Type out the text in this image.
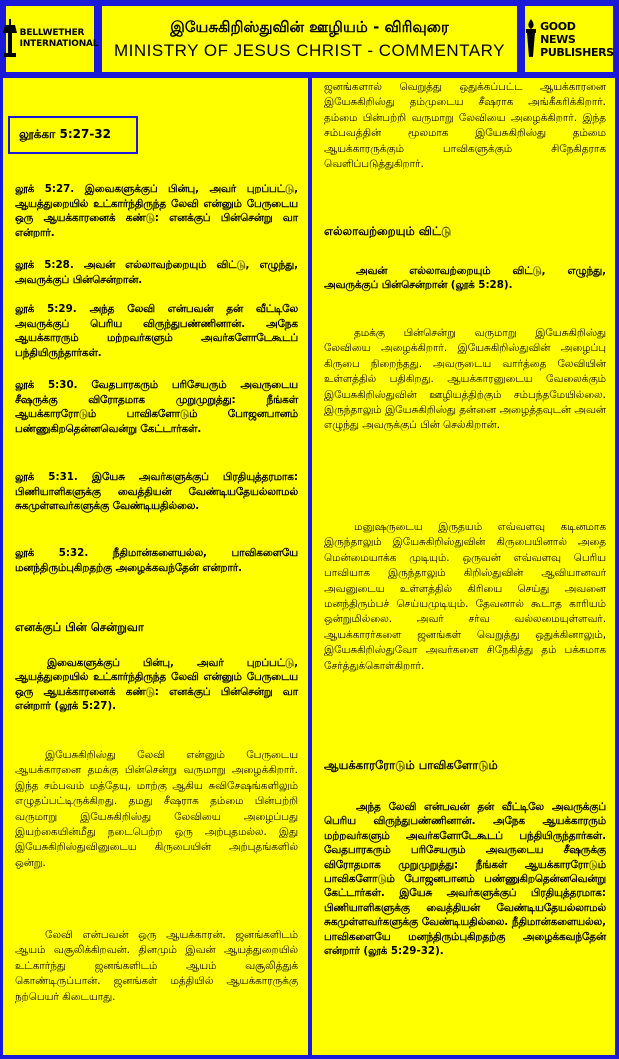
BELLWETHER
INTERNATIONAL
இயேசுகிறிஸ்துவின் ஊழியம் - விரிவுரை
MINISTRY OF JESUS CHRIST - COMMENTARY
GOOD NEWS
PUBLISHERS
லூக்கா 5:27-32
லூக் 5:27. இவைகளுக்குப் பின்பு, அவர் புறப்பட்டு, ஆயத்துறையில் உட்கார்ந்திருந்த லேவி என்னும் பேருடைய ஒரு ஆயக்காரனைக் கண்டு: எனக்குப் பின்சென்று வா என்றார்.
லூக் 5:28. அவன் எல்லாவற்றையும் விட்டு, எழுந்து, அவருக்குப் பின்சென்றான்.
லூக் 5:29. அந்த லேவி என்பவன் தன் வீட்டிலே அவருக்குப் பெரிய விருந்துபண்ணினான். அநேக ஆயக்காரரும் மற்றவர்களும் அவர்களோடேகூடப் பந்தியிருந்தார்கள்.
லூக் 5:30. வேதபாரகரும் பரிசேயரும் அவருடைய சீஷருக்கு விரோதமாக முறுமுறுத்து: நீங்கள் ஆயக்காரரோடும் பாவிகளோடும் போஜனபானம் பண்ணுகிறதென்னவென்று கேட்டார்கள்.
லூக் 5:31. இயேசு அவர்களுக்குப் பிரதியுத்தரமாக: பிணியாளிகளுக்கு வைத்தியன் வேண்டியதேயல்லாமல் சுகமுள்ளவர்களுக்கு வேண்டியதில்லை.
லூக் 5:32. நீதிமான்களையல்ல, பாவிகளையே மனந்திரும்புகிறதற்கு அழைக்கவந்தேன் என்றார்.
எனக்குப் பின் சென்றுவா
இவைகளுக்குப் பின்பு, அவர் புறப்பட்டு, ஆயத்துறையில் உட்கார்ந்திருந்த லேவி என்னும் பேருடைய ஒரு ஆயக்காரனைக் கண்டு: எனக்குப் பின்சென்று வா என்றார் (லூக் 5:27).
இயேசுகிறிஸ்து லேவி என்னும் பேருடைய ஆயக்காரனை தமக்கு பின்சென்று வருமாறு அழைக்கிறார். இந்த சம்பவம் மத்தேயு, மாற்கு ஆகிய சுவிசேஷங்களிலும் எழுதப்பட்டிருக்கிறது. தமது சீஷராக தம்மை பின்பற்றி வருமாறு இயேசுகிறிஸ்து லேவியை அழைப்பது இயற்கையின்மீது நடைபெற்ற ஒரு அற்புதமல்ல. இது இயேசுகிறிஸ்துவினுடைய கிருபையின் அற்புதங்களில் ஒன்று.
லேவி என்பவன் ஒரு ஆயக்காரன். ஜனங்களிடம் ஆயம் வசூலிக்கிறவன். தினமும் இவன் ஆயத்துறையில் உட்கார்ந்து ஜனங்களிடம் ஆயம் வசூலித்துக் கொண்டிருப்பான். ஜனங்கள் மத்தியில் ஆயக்காரருக்கு நற்பெயர் கிடையாது.
ஜனங்களால் வெறுத்து ஒதுக்கப்பட்ட ஆயக்காரனை இயேசுகிறிஸ்து தம்முடைய சீஷராக அங்கீகரிக்கிறார். தம்மை பின்பற்றி வருமாறு லேவியை அழைக்கிறார். இந்த சம்பவத்தின் மூலமாக இயேசுகிறிஸ்து தம்மை ஆயக்காரருக்கும் பாவிகளுக்கும் சிநேகிதராக வெளிப்படுத்துகிறார்.
எல்லாவற்றையும் விட்டு
அவன் எல்லாவற்றையும் விட்டு, எழுந்து, அவருக்குப் பின்சென்றான் (லூக் 5:28).
தமக்கு பின்சென்று வருமாறு இயேசுகிறிஸ்து லேவியை அழைக்கிறார். இயேசுகிறிஸ்துவின் அழைப்பு கிருபை நிறைந்தது. அவருடைய வார்த்தை லேவியின் உள்ளத்தில் பதிகிறது. ஆயக்காரனுடைய வேலைக்கும் இயேசுகிறிஸ்துவின் ஊழியத்திற்கும் சம்பந்தமேயில்லை. இருந்தாலும் இயேசுகிறிஸ்து தன்னை அழைத்தவுடன் அவன் எழுந்து அவருக்குப் பின் செல்கிறான்.
மனுஷருடைய இருதயம் எவ்வளவு கடினமாக இருந்தாலும் இயேசுகிறிஸ்துவின் கிருபையினால் அதை மென்மையாக்க முடியும். ஒருவன் எவ்வளவு பெரிய பாவியாக இருந்தாலும் கிறிஸ்துவின் ஆவியானவர் அவனுடைய உள்ளத்தில் கிரியை செய்து அவனை மனந்திரும்பச் செய்யமுடியும். தேவனால் கூடாத காரியம் ஒன்றுமில்லை. அவர் சர்வ வல்லமையுள்ளவர். ஆயக்காரர்களை ஜனங்கள் வெறுத்து ஒதுக்கினாலும், இயேசுகிறிஸ்துவோ அவர்களை சிநேகித்து தம் பக்கமாக சேர்த்துக்கொள்கிறார்.
ஆயக்காரரோடும் பாவிகளோடும்
அந்த லேவி என்பவன் தன் வீட்டிலே அவருக்குப் பெரிய விருந்துபண்ணினான். அநேக ஆயக்காரரும் மற்றவர்களும் அவர்களோடேகூடப் பந்தியிருந்தார்கள். வேதபாரகரும் பரிசேயரும் அவருடைய சீஷருக்கு விரோதமாக முறுமுறுத்து: நீங்கள் ஆயக்காரரோடும் பாவிகளோடும் போஜனபானம் பண்ணுகிறதென்னவென்று கேட்டார்கள். இயேசு அவர்களுக்குப் பிரதியுத்தரமாக: பிணியாளிகளுக்கு வைத்தியன் வேண்டியதேயல்லாமல் சுகமுள்ளவர்களுக்கு வேண்டியதில்லை. நீதிமான்களையல்ல, பாவிகளையே மனந்திரும்புகிறதற்கு அழைக்கவந்தேன் என்றார் (லூக் 5:29-32).
